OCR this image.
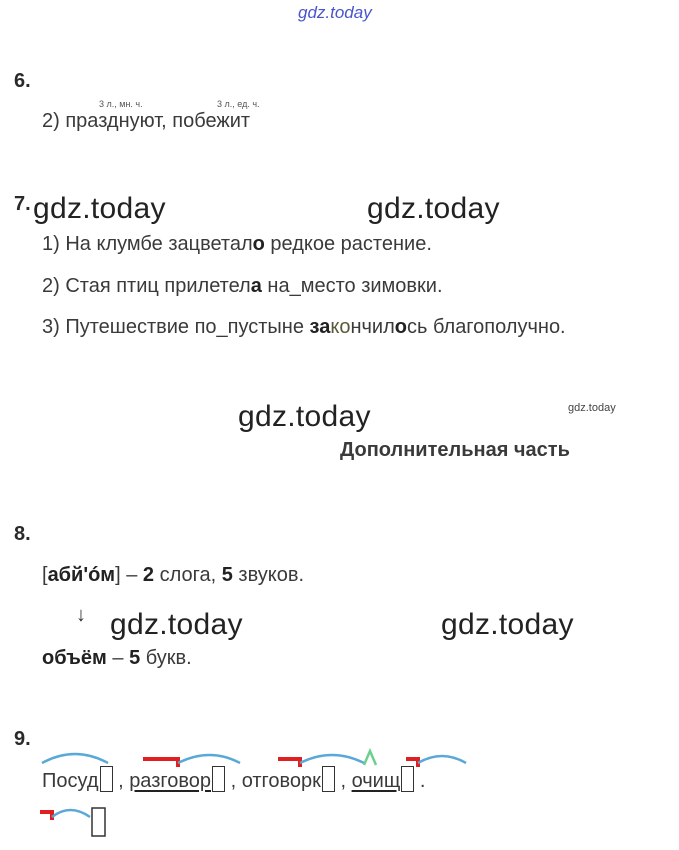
gdz.today
6.
3 л., мн. ч.	3 л., ед. ч.
2) празднуют, побежит
7. gdz.today	gdz.today
1) На клумбе зацветало редкое растение.
2) Стая птиц прилетела на_место зимовки.
3) Путешествие по_пустыне закончилось благополучно.
gdz.today	gdz.today
Дополнительная часть
8.
[абй'óм] – 2 слога, 5 звуков.
↓ gdz.today	gdz.today
объём – 5 букв.
9.
Посуд , разговор , отговорк , очищ .
